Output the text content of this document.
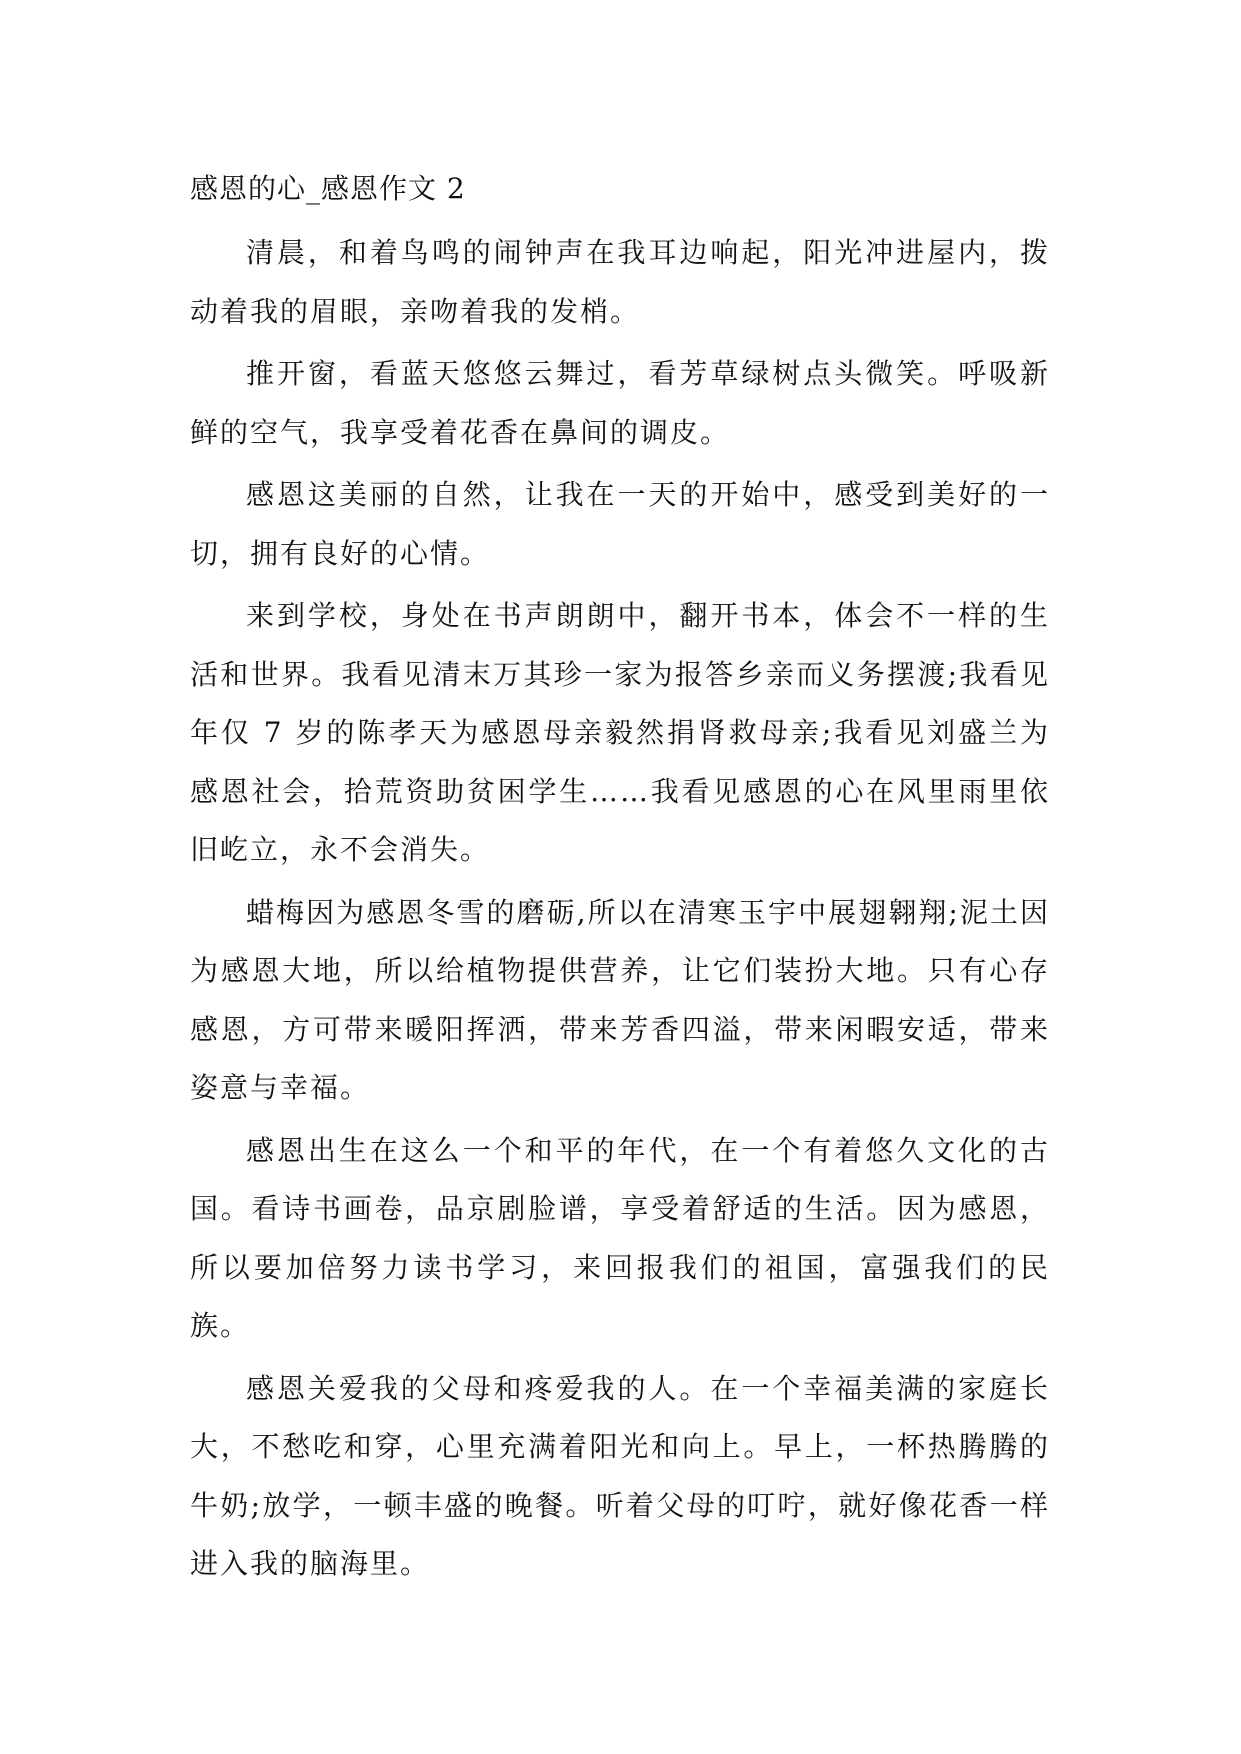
感恩的心_感恩作文 2

清晨，和着鸟鸣的闹钟声在我耳边响起，阳光冲进屋内，拨动着我的眉眼，亲吻着我的发梢。

推开窗，看蓝天悠悠云舞过，看芳草绿树点头微笑。呼吸新鲜的空气，我享受着花香在鼻间的调皮。

感恩这美丽的自然，让我在一天的开始中，感受到美好的一切，拥有良好的心情。

来到学校，身处在书声朗朗中，翻开书本，体会不一样的生活和世界。我看见清末万其珍一家为报答乡亲而义务摆渡;我看见年仅 7 岁的陈孝天为感恩母亲毅然捐肾救母亲;我看见刘盛兰为感恩社会，拾荒资助贫困学生……我看见感恩的心在风里雨里依旧屹立，永不会消失。

蜡梅因为感恩冬雪的磨砺,所以在清寒玉宇中展翅翱翔;泥土因为感恩大地，所以给植物提供营养，让它们装扮大地。只有心存感恩，方可带来暖阳挥洒，带来芳香四溢，带来闲暇安适，带来姿意与幸福。

感恩出生在这么一个和平的年代，在一个有着悠久文化的古国。看诗书画卷，品京剧脸谱，享受着舒适的生活。因为感恩，所以要加倍努力读书学习，来回报我们的祖国，富强我们的民族。

感恩关爱我的父母和疼爱我的人。在一个幸福美满的家庭长大，不愁吃和穿，心里充满着阳光和向上。早上，一杯热腾腾的牛奶;放学，一顿丰盛的晚餐。听着父母的叮咛，就好像花香一样进入我的脑海里。
